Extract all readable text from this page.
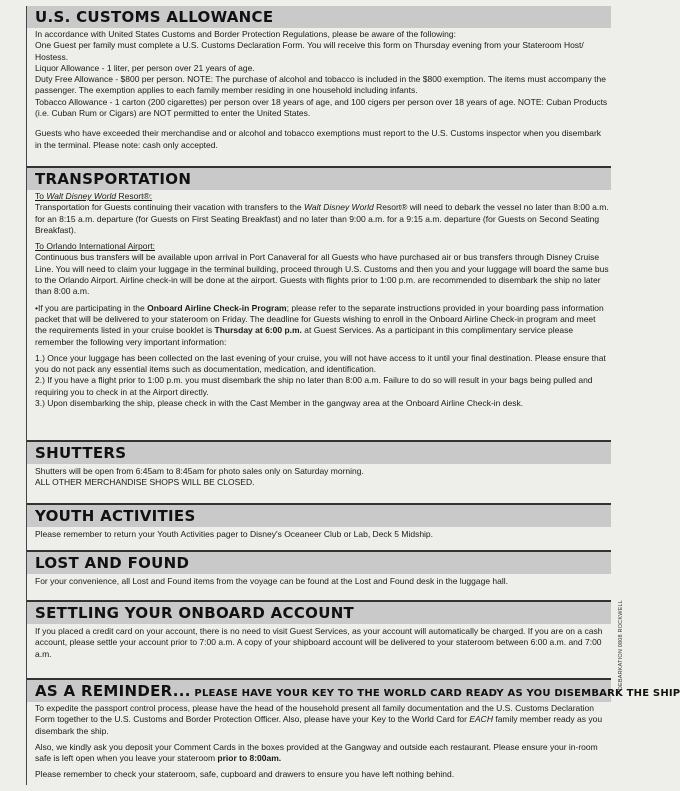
U.S. CUSTOMS ALLOWANCE

In accordance with United States Customs and Border Protection Regulations, please be aware of the following:

One Guest per family must complete a U.S. Customs Declaration Form. You will receive this form on Thursday evening from your Stateroom Host/ Hostess.

Liquor Allowance - 1 liter, per person over 21 years of age.

Duty Free Allowance - $800 per person. NOTE: The purchase of alcohol and tobacco is included in the $800 exemption. The items must accompany the passenger. The exemption applies to each family member residing in one household including infants.

Tobacco Allowance - 1 carton (200 cigarettes) per person over 18 years of age, and 100 cigers per person over 18 years of age. NOTE: Cuban Products (i.e. Cuban Rum or Cigars) are NOT permitted to enter the United States.

Guests who have exceeded their merchandise and or alcohol and tobacco exemptions must report to the U.S. Customs inspector when you disembark in the terminal. Please note: cash only accepted.

TRANSPORTATION

To Walt Disney World Resort®:

Transportation for Guests continuing their vacation with transfers to the Walt Disney World Resort® will need to debark the vessel no later than 8:00 a.m. for an 8:15 a.m. departure (for Guests on First Seating Breakfast) and no later than 9:00 a.m. for a 9:15 a.m. departure (for Guests on Second Seating Breakfast).

To Orlando International Airport:

Continuous bus transfers will be available upon arrival in Port Canaveral for all Guests who have purchased air or bus transfers through Disney Cruise Line. You will need to claim your luggage in the terminal building, proceed through U.S. Customs and then you and your luggage will board the same bus to the Orlando Airport. Airline check-in will be done at the airport. Guests with flights prior to 1:00 p.m. are recommended to disembark the ship no later than 8:00 a.m.

•If you are participating in the Onboard Airline Check-in Program; please refer to the separate instructions provided in your boarding pass information packet that will be delivered to your stateroom on Friday. The deadline for Guests wishing to enroll in the Onboard Airline Check-in program and meet the requirements listed in your cruise booklet is Thursday at 6:00 p.m. at Guest Services. As a participant in this complimentary service please remember the following very important information:

1.) Once your luggage has been collected on the last evening of your cruise, you will not have access to it until your final destination. Please ensure that you do not pack any essential items such as documentation, medication, and identification.

2.) If you have a flight prior to 1:00 p.m. you must disembark the ship no later than 8:00 a.m. Failure to do so will result in your bags being pulled and requiring you to check in at the Airport directly.

3.) Upon disembarking the ship, please check in with the Cast Member in the gangway area at the Onboard Airline Check-in desk.

SHUTTERS

Shutters will be open from 6:45am to 8:45am for photo sales only on Saturday morning.

ALL OTHER MERCHANDISE SHOPS WILL BE CLOSED.

YOUTH ACTIVITIES

Please remember to return your Youth Activities pager to Disney's Oceaneer Club or Lab, Deck 5 Midship.

LOST AND FOUND

For your convenience, all Lost and Found items from the voyage can be found at the Lost and Found desk in the luggage hall.

SETTLING YOUR ONBOARD ACCOUNT

If you placed a credit card on your account, there is no need to visit Guest Services, as your account will automatically be charged. If you are on a cash account, please settle your account prior to 7:00 a.m. A copy of your shipboard account will be delivered to your stateroom between 6:00 a.m. and 7:00 a.m.

AS A REMINDER... PLEASE HAVE YOUR KEY TO THE WORLD CARD READY AS YOU DISEMBARK THE SHIP

To expedite the passport control process, please have the head of the household present all family documentation and the U.S. Customs Declaration Form together to the U.S. Customs and Border Protection Officer. Also, please have your Key to the World Card for EACH family member ready as you disembark the ship.

Also, we kindly ask you deposit your Comment Cards in the boxes provided at the Gangway and outside each restaurant. Please ensure your in-room safe is left open when you leave your stateroom prior to 8:00am.

Please remember to check your stateroom, safe, cupboard and drawers to ensure you have left nothing behind.

DEBARKATION 0808 ROCKWELL
